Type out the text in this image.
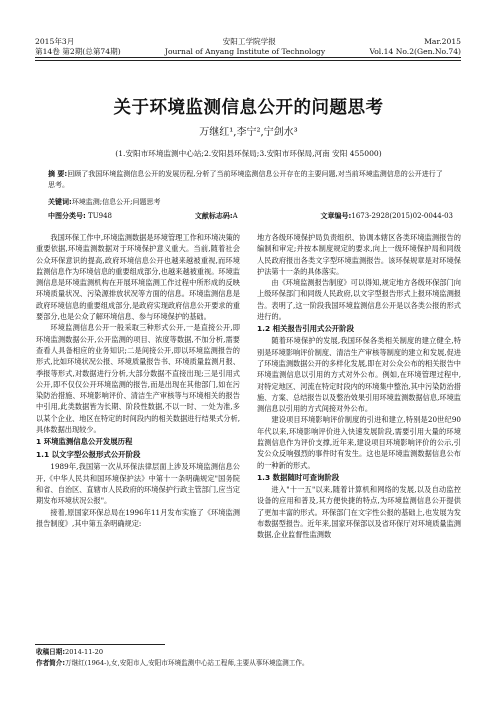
2015年3月	安阳工学院学报	Mar.2015
第14卷 第2期(总第74期)	Journal of Anyang Institute of Technology	Vol.14 No.2(Gen.No.74)
关于环境监测信息公开的问题思考
万继红¹,李宁²,宁剑水³
(1.安阳市环境监测中心站;2.安阳县环保局;3.安阳市环保局,河南 安阳 455000)
摘 要:回顾了我国环境监测信息公开的发展历程,分析了当前环境监测信息公开存在的主要问题,对当前环境监测信息的公开进行了思考。
关键词:环境监测;信息公开;问题思考
中图分类号: TU948	文献标志码:A	文章编号:1673-2928(2015)02-0044-03

我国环保工作中,环境监测数据是环境管理工作和环境决策的重要依据,环境监测数据对于环境保护意义重大。当前,随着社会公众环保意识的提高,政府环境信息公开也越来越被重视,而环境监测信息作为环境信息的重要组成部分,也越来越被重视。环境监测信息是环境监测机构在开展环境监测工作过程中所形成的反映环境质量状况、污染源排放状况等方面的信息。环境监测信息是政府环境信息的重要组成部分,是政府实现政府信息公开要求的重要部分,也是公众了解环境信息、参与环境保护的基础。

环境监测信息公开一般采取三种形式公开,一是直接公开,即环境监测数据公开,公开监测的项目、浓度等数据,不加分析,需要查看人具备相应的业务知识;二是间接公开,即以环境监测报告的形式,比如环境状况公报、环境质量报告书、环境质量监测月报、季报等形式,对数据进行分析,大部分数据不直接出现;三是引用式公开,即不仅仅公开环境监测的报告,而是出现在其他部门,如在污染防治措施、环境影响评价、清洁生产审核等与环境相关的报告中引用,此类数据皆为长期、阶段性数据,不以一时、一处为准,多以某个企业、地区在特定的时间段内的相关数据进行结果式分析,具体数据出现较少。

1 环境监测信息公开发展历程
1.1 以文字型公报形式公开阶段

1989年,我国第一次从环保法律层面上涉及环境监测信息公开,《中华人民共和国环境保护法》中第十一条明确规定"国务院和省、自治区、直辖市人民政府的环境保护行政主管部门,应当定期发布环境状况公报"。

接着,原国家环保总局在1996年11月发布实施了《环境监测报告制度》,其中第五条明确规定:

地方各级环境保护局负责组织、协调本辖区各类环境监测报告的编制和审定;并按本制度规定的要求,向上一级环境保护局和同级人民政府报出各类文字型环境监测报告。该环保规章是对环境保护法第十一条的具体落实。

由《环境监测报告制度》可以得知,规定地方各级环保部门向上级环保部门和同级人民政府,以文字型报告形式上报环境监测报告。表明了,这一阶段我国环境监测信息公开是以各类公报的形式进行的。

1.2 相关报告引用式公开阶段

随着环境保护的发展,我国环保各类相关制度的建立健全,特别是环境影响评价制度、清洁生产审核等制度的建立和发展,促进了环境监测数据公开的多样化发展,即在对公众公布的相关报告中环境监测信息以引用的方式对外公布。例如,在环境管理过程中,对特定地区、河流在特定时段内的环境集中整治,其中污染防治措施、方案、总结报告以及整治效果引用环境监测数据信息,环境监测信息以引用的方式间接对外公布。

建设项目环境影响评价制度的引进和建立,特别是20世纪90年代以来,环境影响评价进入快速发展阶段,需要引用大量的环境监测信息作为评价支撑,近年来,建设项目环境影响评价的公示,引发公众反响强烈的事件时有发生。这也是环境监测数据信息公布的一种新的形式。

1.3 数据随时可查询阶段

进入"十一五"以来,随着计算机和网络的发展,以及自动监控设备的应用和普及,其方便快捷的特点,为环境监测信息公开提供了更加丰富的形式。环保部门在文字性公报的基础上,也发展为发布数据型报告。近年来,国家环保部以及省环保厅对环境质量监测数据,企业监督性监测数

收稿日期:2014-11-20
作者简介:万继红(1964-),女,安阳市人,安阳市环境监测中心站工程师,主要从事环境监测工作。
